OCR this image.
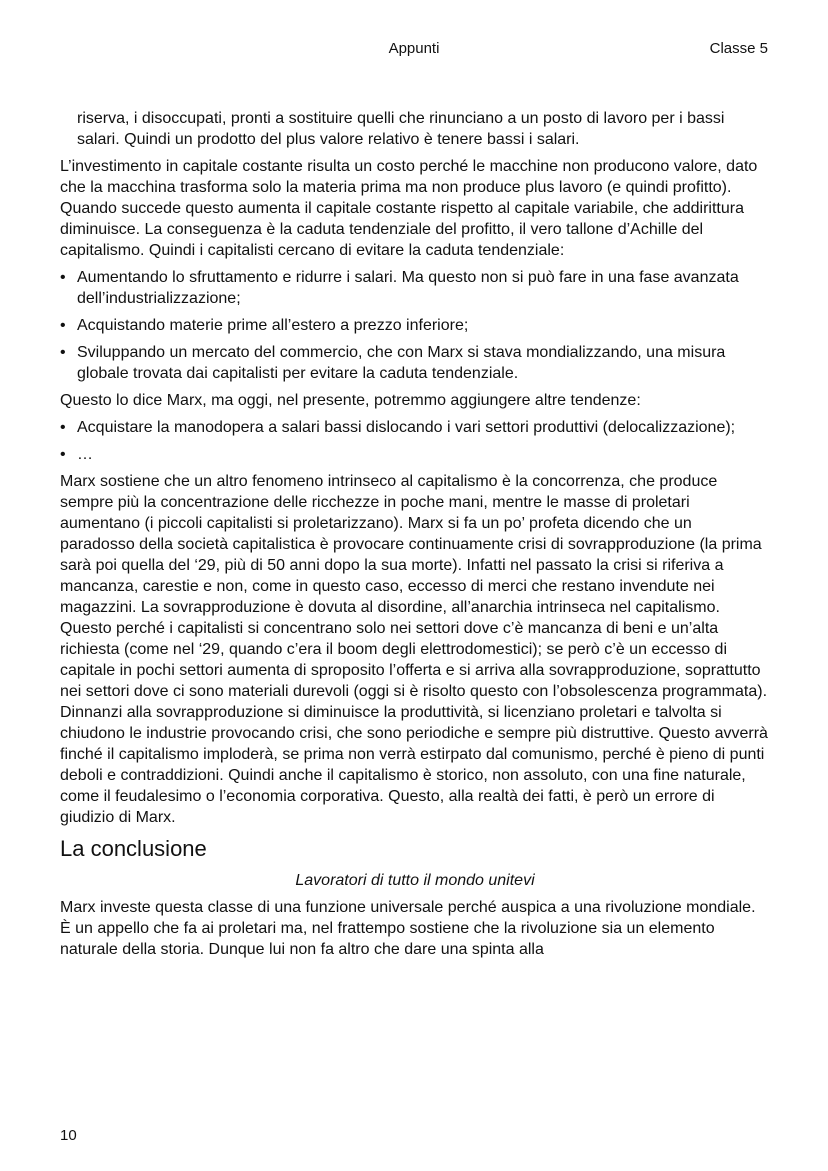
Appunti	Classe 5

riserva, i disoccupati, pronti a sostituire quelli che rinunciano a un posto di lavoro per i bassi salari. Quindi un prodotto del plus valore relativo è tenere bassi i salari.

L’investimento in capitale costante risulta un costo perché le macchine non producono valore, dato che la macchina trasforma solo la materia prima ma non produce plus lavoro (e quindi profitto). Quando succede questo aumenta il capitale costante rispetto al capitale variabile, che addirittura diminuisce. La conseguenza è la caduta tendenziale del profitto, il vero tallone d’Achille del capitalismo. Quindi i capitalisti cercano di evitare la caduta tendenziale:

• Aumentando lo sfruttamento e ridurre i salari. Ma questo non si può fare in una fase avanzata dell’industrializzazione;
• Acquistando materie prime all’estero a prezzo inferiore;
• Sviluppando un mercato del commercio, che con Marx si stava mondializzando, una misura globale trovata dai capitalisti per evitare la caduta tendenziale.

Questo lo dice Marx, ma oggi, nel presente, potremmo aggiungere altre tendenze:

• Acquistare la manodopera a salari bassi dislocando i vari settori produttivi (delocalizzazione);
• …

Marx sostiene che un altro fenomeno intrinseco al capitalismo è la concorrenza, che produce sempre più la concentrazione delle ricchezze in poche mani, mentre le masse di proletari aumentano (i piccoli capitalisti si proletarizzano). Marx si fa un po’ profeta dicendo che un paradosso della società capitalistica è provocare continuamente crisi di sovrapproduzione (la prima sarà poi quella del ‘29, più di 50 anni dopo la sua morte). Infatti nel passato la crisi si riferiva a mancanza, carestie e non, come in questo caso, eccesso di merci che restano invendute nei magazzini. La sovrapproduzione è dovuta al disordine, all’anarchia intrinseca nel capitalismo. Questo perché i capitalisti si concentrano solo nei settori dove c’è mancanza di beni e un’alta richiesta (come nel ‘29, quando c’era il boom degli elettrodomestici); se però c’è un eccesso di capitale in pochi settori aumenta di sproposito l’offerta e si arriva alla sovrapproduzione, soprattutto nei settori dove ci sono materiali durevoli (oggi si è risolto questo con l’obsolescenza programmata). Dinnanzi alla sovrapproduzione si diminuisce la produttività, si licenziano proletari e talvolta si chiudono le industrie provocando crisi, che sono periodiche e sempre più distruttive. Questo avverrà finché il capitalismo imploderà, se prima non verrà estirpato dal comunismo, perché è pieno di punti deboli e contraddizioni. Quindi anche il capitalismo è storico, non assoluto, con una fine naturale, come il feudalesimo o l’economia corporativa. Questo, alla realtà dei fatti, è però un errore di giudizio di Marx.

La conclusione

Lavoratori di tutto il mondo unitevi

Marx investe questa classe di una funzione universale perché auspica a una rivoluzione mondiale. È un appello che fa ai proletari ma, nel frattempo sostiene che la rivoluzione sia un elemento naturale della storia. Dunque lui non fa altro che dare una spinta alla

10
